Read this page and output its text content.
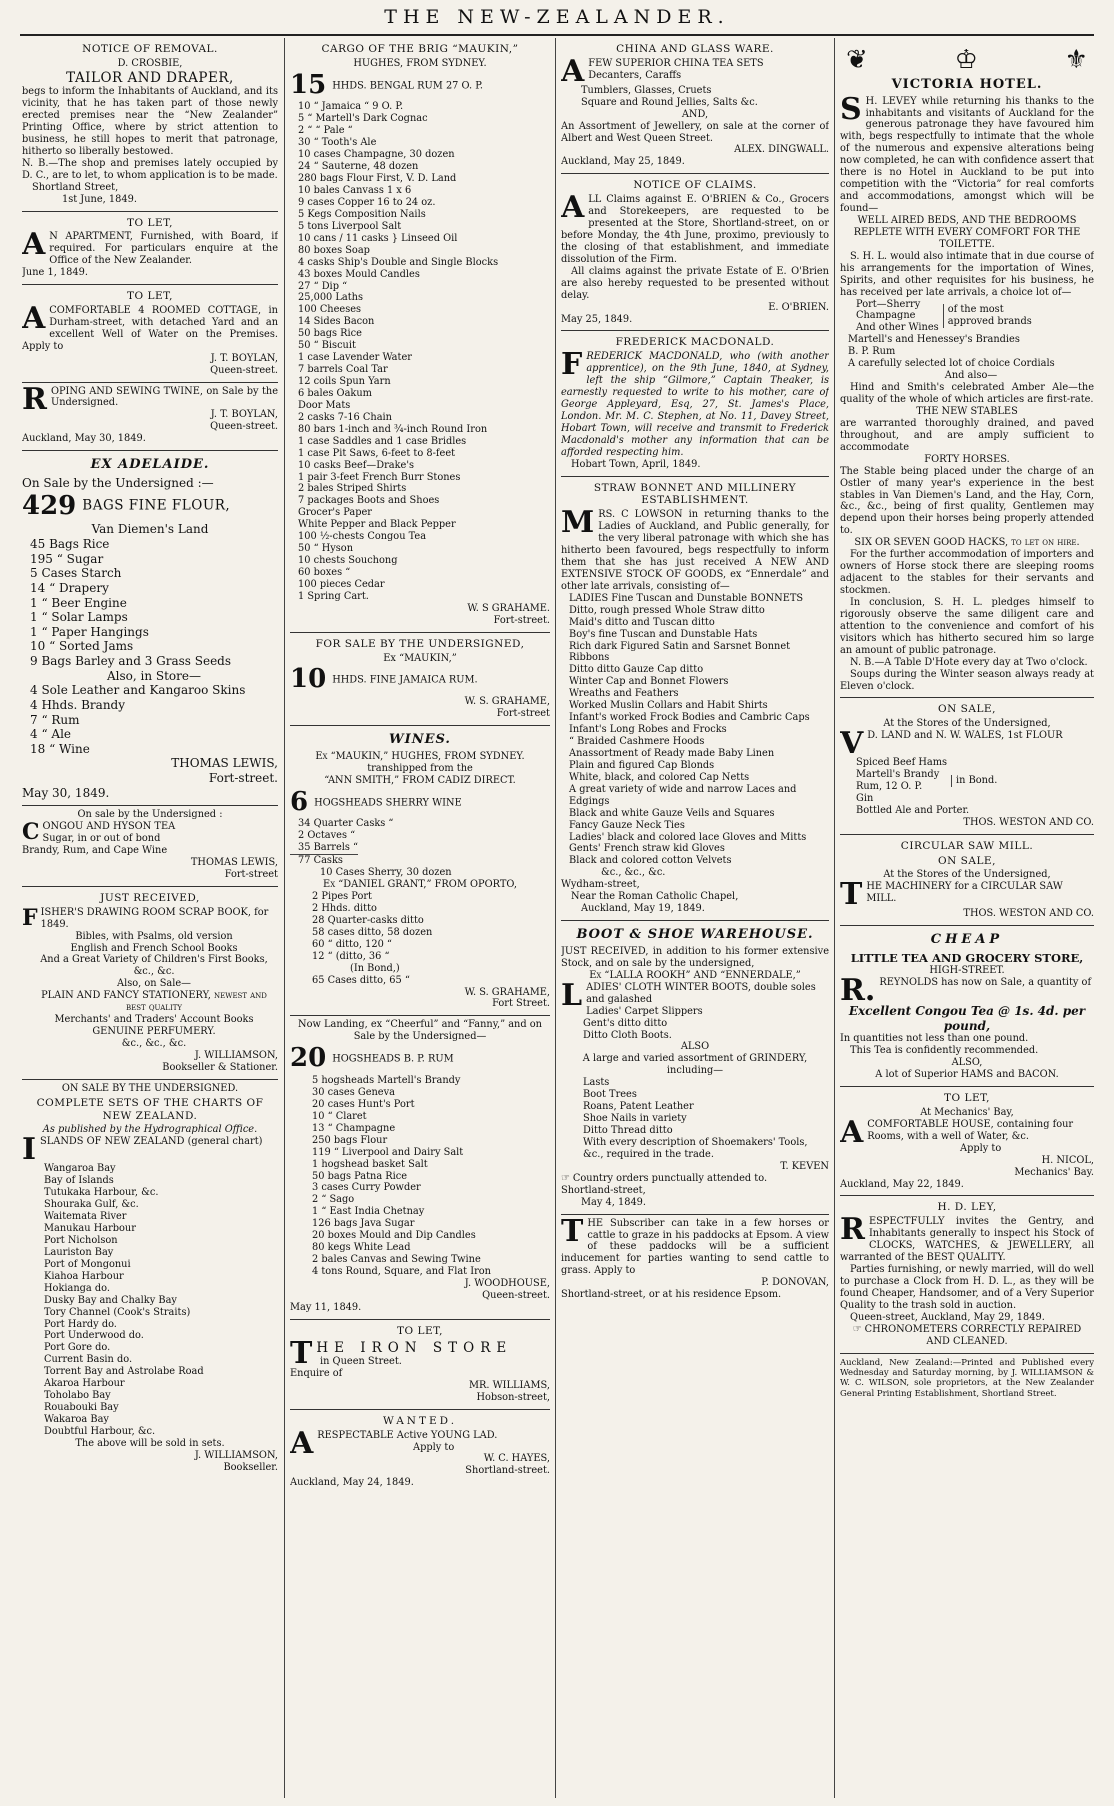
THE NEW-ZEALANDER.
NOTICE OF REMOVAL.
D. CROSBIE,
TAILOR AND DRAPER,

begs to inform the Inhabitants of Auckland, and its vicinity, that he has taken part of those newly erected premises near the “New Zealander” Printing Office, where by strict attention to business, he still hopes to merit that patronage, hitherto so liberally bestowed.

N. B.—The shop and premises lately occupied by D. C., are to let, to whom application is to be made.

Shortland Street,
1st June, 1849.
TO LET,
A N APARTMENT, Furnished, with Board, if required. For particulars enquire at the Office of the New Zealander.

June 1, 1849.
TO LET,
A COMFORTABLE 4 ROOMED COTTAGE, in Durham-street, with detached Yard and an excellent Well of Water on the Premises. Apply to

J. T. BOYLAN,
Queen-street.
R OPING AND SEWING TWINE, on Sale by the Undersigned.

J. T. BOYLAN,
Queen-street.
Auckland, May 30, 1849.
EX ADELAIDE.
On Sale by the Undersigned :—
429 BAGS FINE FLOUR,
Van Diemen's Land
45 Bags Rice
195 “ Sugar
5 Cases Starch
14 “ Drapery
1 “ Beer Engine
1 “ Solar Lamps
1 “ Paper Hangings
10 “ Sorted Jams
9 Bags Barley and 3 Grass Seeds
Also, in Store—
4 Sole Leather and Kangaroo Skins
4 Hhds. Brandy
7 “ Rum
4 “ Ale
18 “ Wine
THOMAS LEWIS,
Fort-street.
May 30, 1849.
On sale by the Undersigned :
C ONGOU AND HYSON TEA
Sugar, in or out of bond
Brandy, Rum, and Cape Wine
THOMAS LEWIS,
Fort-street
JUST RECEIVED,
F ISHER'S DRAWING ROOM SCRAP BOOK, for 1849.
Bibles, with Psalms, old version
English and French School Books
And a Great Variety of Children's First Books, &c., &c.
Also, on Sale—
PLAIN AND FANCY STATIONERY, newest and best quality
Merchants' and Traders' Account Books
GENUINE PERFUMERY.
&c., &c., &c.
J. WILLIAMSON,
Bookseller & Stationer.
ON SALE BY THE UNDERSIGNED.
COMPLETE SETS OF THE CHARTS OF NEW ZEALAND.
As published by the Hydrographical Office.
I SLANDS OF NEW ZEALAND (general chart)
Wangaroa Bay
Bay of Islands
Tutukaka Harbour, &c.
Shouraka Gulf, &c.
Waitemata River
Manukau Harbour
Port Nicholson
Lauriston Bay
Port of Mongonui
Kiahoa Harbour
Hokianga do.
Dusky Bay and Chalky Bay
Tory Channel (Cook's Straits)
Port Hardy do.
Port Underwood do.
Port Gore do.
Current Basin do.
Torrent Bay and Astrolabe Road
Akaroa Harbour
Toholabo Bay
Rouabouki Bay
Wakaroa Bay
Doubtful Harbour, &c.
The above will be sold in sets.
J. WILLIAMSON,
Bookseller.
CARGO OF THE BRIG “MAUKIN,”
HUGHES, FROM SYDNEY.
15 HHDS. BENGAL RUM 27 O. P.
10 “ Jamaica “ 9 O. P.
5 “ Martell's Dark Cognac
2 “ “ Pale “
30 “ Tooth's Ale
10 cases Champagne, 30 dozen
24 “ Sauterne, 48 dozen
280 bags Flour First, V. D. Land
10 bales Canvass 1 x 6
9 cases Copper 16 to 24 oz.
5 Kegs Composition Nails
5 tons Liverpool Salt
10 cans / 11 casks } Linseed Oil
80 boxes Soap
4 casks Ship's Double and Single Blocks
43 boxes Mould Candles
27 “ Dip “
25,000 Laths
100 Cheeses
14 Sides Bacon
50 bags Rice
50 “ Biscuit
1 case Lavender Water
7 barrels Coal Tar
12 coils Spun Yarn
6 bales Oakum
Door Mats
2 casks 7-16 Chain
80 bars 1-inch and ¾-inch Round Iron
1 case Saddles and 1 case Bridles
1 case Pit Saws, 6-feet to 8-feet
10 casks Beef—Drake's
1 pair 3-feet French Burr Stones
2 bales Striped Shirts
7 packages Boots and Shoes
Grocer's Paper
White Pepper and Black Pepper
100 ½-chests Congou Tea
50 “ Hyson
10 chests Souchong
60 boxes “
100 pieces Cedar
1 Spring Cart.
W. S GRAHAME.
Fort-street.
FOR SALE BY THE UNDERSIGNED,
Ex “MAUKIN,”
10 HHDS. FINE JAMAICA RUM.
W. S. GRAHAME,
Fort-street
WINES.
Ex “MAUKIN,” HUGHES, FROM SYDNEY.
transhipped from the
“ANN SMITH,” FROM CADIZ DIRECT.
6 HOGSHEADS SHERRY WINE
34 Quarter Casks “
2 Octaves “
35 Barrels “
77 Casks
10 Cases Sherry, 30 dozen
Ex “DANIEL GRANT,” FROM OPORTO,
2 Pipes Port
2 Hhds. ditto
28 Quarter-casks ditto
58 cases ditto, 58 dozen
60 “ ditto, 120 “
12 “ (ditto, 36 “
(In Bond,)
65 Cases ditto, 65 “
W. S. GRAHAME,
Fort Street.
Now Landing, ex “Cheerful” and “Fanny,” and on Sale by the Undersigned—
20 HOGSHEADS B. P. RUM
5 hogsheads Martell's Brandy
30 cases Geneva
20 cases Hunt's Port
10 “ Claret
13 “ Champagne
250 bags Flour
119 “ Liverpool and Dairy Salt
1 hogshead basket Salt
50 bags Patna Rice
3 cases Curry Powder
2 “ Sago
1 “ East India Chetnay
126 bags Java Sugar
20 boxes Mould and Dip Candles
80 kegs White Lead
2 bales Canvas and Sewing Twine
4 tons Round, Square, and Flat Iron
J. WOODHOUSE,
Queen-street.
May 11, 1849.
TO LET,
T HE IRON STORE
in Queen Street.
Enquire of
MR. WILLIAMS,
Hobson-street,
WANTED.
A RESPECTABLE Active YOUNG LAD.
Apply to
W. C. HAYES,
Shortland-street.
Auckland, May 24, 1849.
CHINA AND GLASS WARE.
A FEW SUPERIOR CHINA TEA SETS
Decanters, Caraffs
Tumblers, Glasses, Cruets
Square and Round Jellies, Salts &c.
AND,

An Assortment of Jewellery, on sale at the corner of Albert and West Queen Street.

ALEX. DINGWALL.
Auckland, May 25, 1849.
NOTICE OF CLAIMS.
A LL Claims against E. O'BRIEN & Co., Grocers and Storekeepers, are requested to be presented at the Store, Shortland-street, on or before Monday, the 4th June, proximo, previously to the closing of that establishment, and immediate dissolution of the Firm.

All claims against the private Estate of E. O'Brien are also hereby requested to be presented without delay.

E. O'BRIEN.
May 25, 1849.
FREDERICK MACDONALD.
F REDERICK MACDONALD, who (with another apprentice), on the 9th June, 1840, at Sydney, left the ship “Gilmore,” Captain Theaker, is earnestly requested to write to his mother, care of George Appleyard, Esq, 27, St. James's Place, London. Mr. M. C. Stephen, at No. 11, Davey Street, Hobart Town, will receive and transmit to Frederick Macdonald's mother any information that can be afforded respecting him.

Hobart Town, April, 1849.
STRAW BONNET AND MILLINERY ESTABLISHMENT.
M RS. C LOWSON in returning thanks to the Ladies of Auckland, and Public generally, for the very liberal patronage with which she has hitherto been favoured, begs respectfully to inform them that she has just received A NEW AND EXTENSIVE STOCK OF GOODS, ex “Ennerdale” and other late arrivals, consisting of—

LADIES Fine Tuscan and Dunstable BONNETS
Ditto, rough pressed Whole Straw ditto
Maid's ditto and Tuscan ditto
Boy's fine Tuscan and Dunstable Hats
Rich dark Figured Satin and Sarsnet Bonnet Ribbons
Ditto ditto Gauze Cap ditto
Winter Cap and Bonnet Flowers
Wreaths and Feathers
Worked Muslin Collars and Habit Shirts
Infant's worked Frock Bodies and Cambric Caps
Infant's Long Robes and Frocks
“ Braided Cashmere Hoods
Anassortment of Ready made Baby Linen
Plain and figured Cap Blonds
White, black, and colored Cap Netts
A great variety of wide and narrow Laces and Edgings
Black and white Gauze Veils and Squares
Fancy Gauze Neck Ties
Ladies' black and colored lace Gloves and Mitts
Gents' French straw kid Gloves
Black and colored cotton Velvets
&c., &c., &c.
Wydham-street,
Near the Roman Catholic Chapel,
Auckland, May 19, 1849.
BOOT & SHOE WAREHOUSE.

JUST RECEIVED, in addition to his former extensive Stock, and on sale by the undersigned,

Ex “LALLA ROOKH” AND “ENNERDALE,”
L ADIES' CLOTH WINTER BOOTS, double soles and galashed
Ladies' Carpet Slippers
Gent's ditto ditto
Ditto Cloth Boots.
ALSO
A large and varied assortment of GRINDERY, including—
Lasts
Boot Trees
Roans, Patent Leather
Shoe Nails in variety
Ditto Thread ditto
With every description of Shoemakers' Tools, &c., required in the trade.
T. KEVEN
☞ Country orders punctually attended to.
Shortland-street,
May 4, 1849.
T HE Subscriber can take in a few horses or cattle to graze in his paddocks at Epsom. A view of these paddocks will be a sufficient inducement for parties wanting to send cattle to grass. Apply to

P. DONOVAN,
Shortland-street, or at his residence Epsom.
❦	♔	⚜
VICTORIA HOTEL.
S H. LEVEY while returning his thanks to the inhabitants and visitants of Auckland for the generous patronage they have favoured him with, begs respectfully to intimate that the whole of the numerous and expensive alterations being now completed, he can with confidence assert that there is no Hotel in Auckland to be put into competition with the “Victoria” for real comforts and accommodations, amongst which will be found—

WELL AIRED BEDS, AND THE BEDROOMS REPLETE WITH EVERY COMFORT FOR THE TOILETTE.

S. H. L. would also intimate that in due course of his arrangements for the importation of Wines, Spirits, and other requisites for his business, he has received per late arrivals, a choice lot of—

Port—Sherry
Champagne
And other Wines
of the most approved brands
Martell's and Henessey's Brandies
B. P. Rum
A carefully selected lot of choice Cordials
And also—

Hind and Smith's celebrated Amber Ale—the quality of the whole of which articles are first-rate.

THE NEW STABLES

are warranted thoroughly drained, and paved throughout, and are amply sufficient to accommodate

FORTY HORSES.

The Stable being placed under the charge of an Ostler of many year's experience in the best stables in Van Diemen's Land, and the Hay, Corn, &c., &c., being of first quality, Gentlemen may depend upon their horses being properly attended to.

SIX OR SEVEN GOOD HACKS, to let on hire.

For the further accommodation of importers and owners of Horse stock there are sleeping rooms adjacent to the stables for their servants and stockmen.

In conclusion, S. H. L. pledges himself to rigorously observe the same diligent care and attention to the convenience and comfort of his visitors which has hitherto secured him so large an amount of public patronage.

N. B.—A Table D'Hote every day at Two o'clock.

Soups during the Winter season always ready at Eleven o'clock.

ON SALE,
At the Stores of the Undersigned,
V D. LAND and N. W. WALES, 1st FLOUR
Spiced Beef Hams
Martell's Brandy
Rum, 12 O. P.
Gin
in Bond.
Bottled Ale and Porter.
THOS. WESTON AND CO.
CIRCULAR SAW MILL.
ON SALE,
At the Stores of the Undersigned,
T HE MACHINERY for a CIRCULAR SAW MILL.
THOS. WESTON AND CO.
CHEAP
LITTLE TEA AND GROCERY STORE,
HIGH-STREET.
R. REYNOLDS has now on Sale, a quantity of
Excellent Congou Tea @ 1s. 4d. per pound,
In quantities not less than one pound.
This Tea is confidently recommended.
ALSO,
A lot of Superior HAMS and BACON.
TO LET,
At Mechanics' Bay,
A COMFORTABLE HOUSE, containing four Rooms, with a well of Water, &c.
Apply to
H. NICOL,
Mechanics' Bay.
Auckland, May 22, 1849.
H. D. LEY,
R ESPECTFULLY invites the Gentry, and Inhabitants generally to inspect his Stock of CLOCKS, WATCHES, & JEWELLERY, all warranted of the BEST QUALITY.

Parties furnishing, or newly married, will do well to purchase a Clock from H. D. L., as they will be found Cheaper, Handsomer, and of a Very Superior Quality to the trash sold in auction.

Queen-street, Auckland, May 29, 1849.
☞ CHRONOMETERS CORRECTLY REPAIRED AND CLEANED.

Auckland, New Zealand:—Printed and Published every Wednesday and Saturday morning, by J. WILLIAMSON & W. C. WILSON, sole proprietors, at the New Zealander General Printing Establishment, Shortland Street.
